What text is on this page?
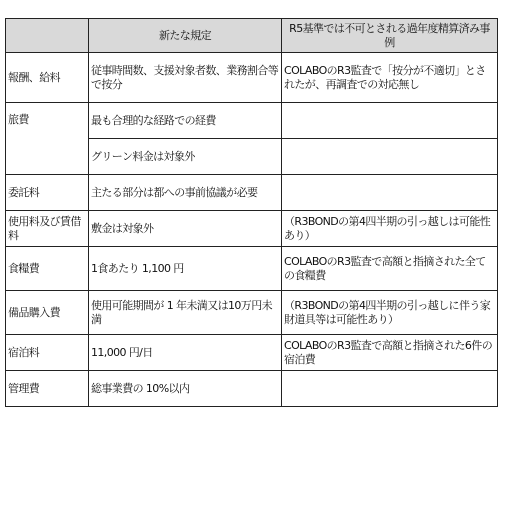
	新たな規定	R5基準では不可とされる過年度精算済み事例
報酬、給料	従事時間数、支援対象者数、業務割合等で按分	COLABOのR3監査で「按分が不適切」とされたが、再調査での対応無し
旅費	最も合理的な経路での経費	
	グリーン料金は対象外	
委託料	主たる部分は都への事前協議が必要	
使用料及び賃借料	敷金は対象外	（R3BONDの第4四半期の引っ越しは可能性あり）
食糧費	1食あたり 1,100 円	COLABOのR3監査で高額と指摘された全ての食糧費
備品購入費	使用可能期間が 1 年未満又は10万円未満	（R3BONDの第4四半期の引っ越しに伴う家財道具等は可能性あり）
宿泊料	11,000 円/日	COLABOのR3監査で高額と指摘された6件の宿泊費
管理費	総事業費の 10%以内	
